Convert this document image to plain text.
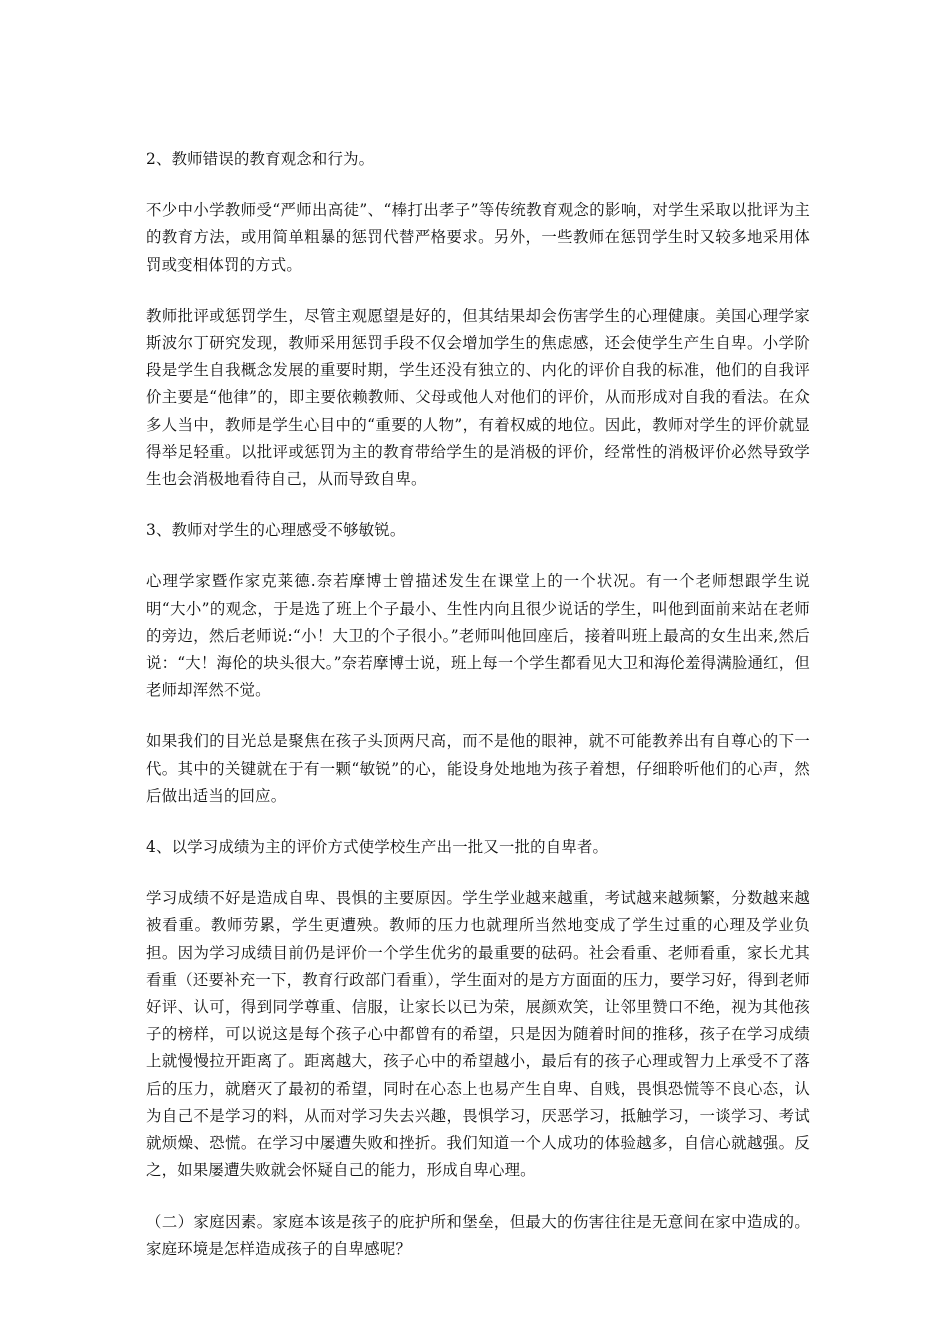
2、教师错误的教育观念和行为。

不少中小学教师受“严师出高徒”、“棒打出孝子”等传统教育观念的影响，对学生采取以批评为主的教育方法，或用简单粗暴的惩罚代替严格要求。另外，一些教师在惩罚学生时又较多地采用体罚或变相体罚的方式。

教师批评或惩罚学生，尽管主观愿望是好的，但其结果却会伤害学生的心理健康。美国心理学家斯波尔丁研究发现，教师采用惩罚手段不仅会增加学生的焦虑感，还会使学生产生自卑。小学阶段是学生自我概念发展的重要时期，学生还没有独立的、内化的评价自我的标准，他们的自我评价主要是“他律”的，即主要依赖教师、父母或他人对他们的评价，从而形成对自我的看法。在众多人当中，教师是学生心目中的“重要的人物”，有着权威的地位。因此，教师对学生的评价就显得举足轻重。以批评或惩罚为主的教育带给学生的是消极的评价，经常性的消极评价必然导致学生也会消极地看待自己，从而导致自卑。

3、教师对学生的心理感受不够敏锐。

心理学家暨作家克莱德.奈若摩博士曾描述发生在课堂上的一个状况。有一个老师想跟学生说明“大小”的观念，于是选了班上个子最小、生性内向且很少说话的学生，叫他到面前来站在老师的旁边，然后老师说:“小！大卫的个子很小。”老师叫他回座后，接着叫班上最高的女生出来,然后说：“大！海伦的块头很大。”奈若摩博士说，班上每一个学生都看见大卫和海伦羞得满脸通红，但老师却浑然不觉。

如果我们的目光总是聚焦在孩子头顶两尺高，而不是他的眼神，就不可能教养出有自尊心的下一代。其中的关键就在于有一颗“敏锐”的心，能设身处地地为孩子着想，仔细聆听他们的心声，然后做出适当的回应。

4、以学习成绩为主的评价方式使学校生产出一批又一批的自卑者。

学习成绩不好是造成自卑、畏惧的主要原因。学生学业越来越重，考试越来越频繁，分数越来越被看重。教师劳累，学生更遭殃。教师的压力也就理所当然地变成了学生过重的心理及学业负担。因为学习成绩目前仍是评价一个学生优劣的最重要的砝码。社会看重、老师看重，家长尤其看重（还要补充一下，教育行政部门看重），学生面对的是方方面面的压力，要学习好，得到老师好评、认可，得到同学尊重、信服，让家长以已为荣，展颜欢笑，让邻里赞口不绝，视为其他孩子的榜样，可以说这是每个孩子心中都曾有的希望，只是因为随着时间的推移，孩子在学习成绩上就慢慢拉开距离了。距离越大，孩子心中的希望越小，最后有的孩子心理或智力上承受不了落后的压力，就磨灭了最初的希望，同时在心态上也易产生自卑、自贱，畏惧恐慌等不良心态，认为自己不是学习的料，从而对学习失去兴趣，畏惧学习，厌恶学习，抵触学习，一谈学习、考试就烦燥、恐慌。在学习中屡遭失败和挫折。我们知道一个人成功的体验越多，自信心就越强。反之，如果屡遭失败就会怀疑自己的能力，形成自卑心理。

（二）家庭因素。家庭本该是孩子的庇护所和堡垒，但最大的伤害往往是无意间在家中造成的。家庭环境是怎样造成孩子的自卑感呢？
